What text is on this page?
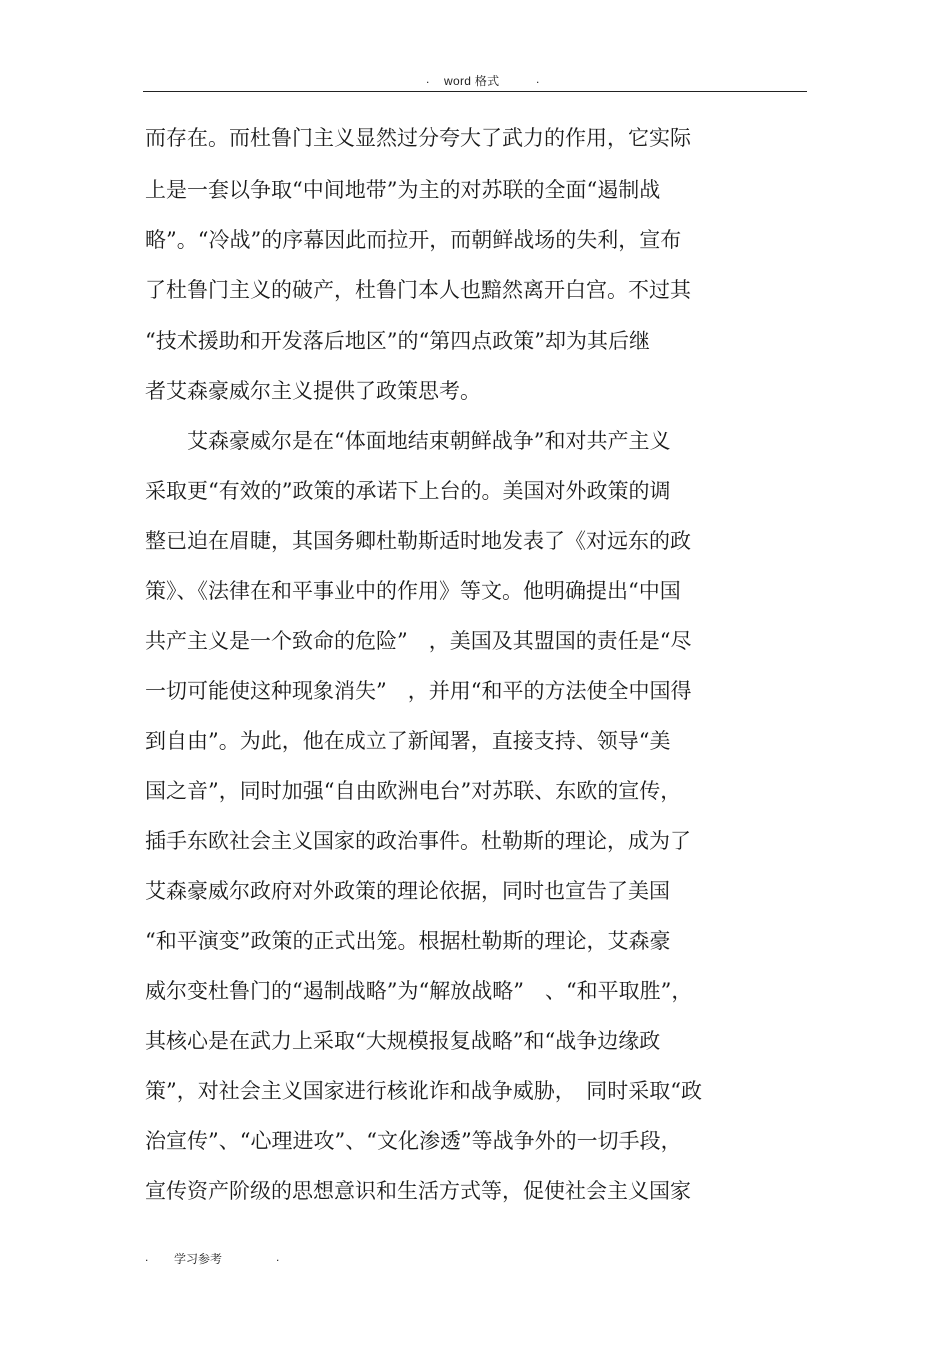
. word 格式	.
而存在。而杜鲁门主义显然过分夸大了武力的作用，它实际
上是一套以争取“中间地带”为主的对苏联的全面“遏制战
略”。“冷战”的序幕因此而拉开，而朝鲜战场的失利，宣布
了杜鲁门主义的破产，杜鲁门本人也黯然离开白宫。不过其
“技术援助和开发落后地区”的“第四点政策”却为其后继
者艾森豪威尔主义提供了政策思考。
　　艾森豪威尔是在“体面地结束朝鲜战争”和对共产主义
采取更“有效的”政策的承诺下上台的。美国对外政策的调
整已迫在眉睫，其国务卿杜勒斯适时地发表了《对远东的政
策》、《法律在和平事业中的作用》等文。他明确提出“中国
共产主义是一个致命的危险”　，美国及其盟国的责任是“尽
一切可能使这种现象消失”　，并用“和平的方法使全中国得
到自由”。为此，他在成立了新闻署，直接支持、领导“美
国之音”，同时加强“自由欧洲电台”对苏联、东欧的宣传，
插手东欧社会主义国家的政治事件。杜勒斯的理论，成为了
艾森豪威尔政府对外政策的理论依据，同时也宣告了美国
“和平演变”政策的正式出笼。根据杜勒斯的理论，艾森豪
威尔变杜鲁门的“遏制战略”为“解放战略”　、“和平取胜”，
其核心是在武力上采取“大规模报复战略”和“战争边缘政
策”，对社会主义国家进行核讹诈和战争威胁，　同时采取“政
治宣传”、“心理进攻”、“文化渗透”等战争外的一切手段，
宣传资产阶级的思想意识和生活方式等，促使社会主义国家
. 学习参考	.
